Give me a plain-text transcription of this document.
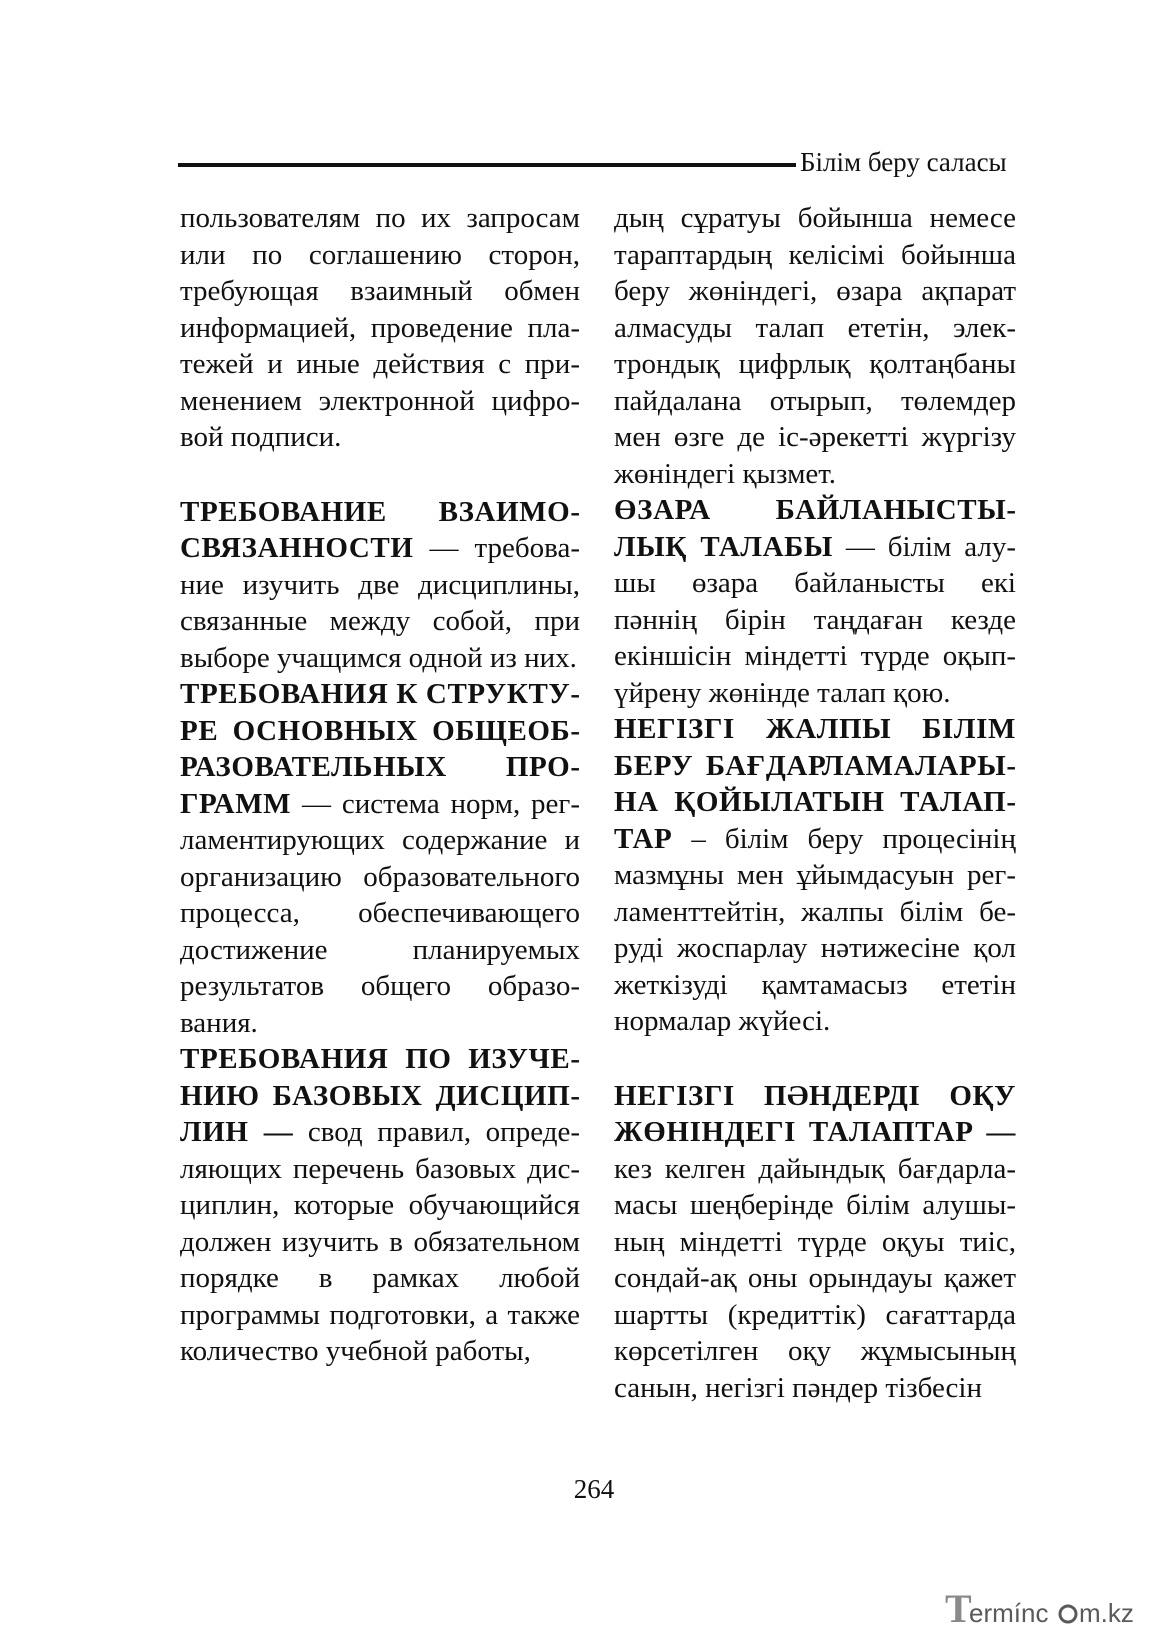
Білім беру саласы

пользователям по их запросам или по соглашению сторон, требующая взаимный обмен информацией, проведение платежей и иные действия с применением электронной цифровой подписи.

ТРЕБОВАНИЕ ВЗАИМОСВЯЗАННОСТИ — требование изучить две дисциплины, связанные между собой, при выборе учащимся одной из них.

ТРЕБОВАНИЯ К СТРУКТУРЕ ОСНОВНЫХ ОБЩЕОБРАЗОВАТЕЛЬНЫХ ПРОГРАММ — система норм, регламентирующих содержание и организацию образовательного процесса, обеспечивающего достижение планируемых результатов общего образования.

ТРЕБОВАНИЯ ПО ИЗУЧЕНИЮ БАЗОВЫХ ДИСЦИПЛИН — свод правил, определяющих перечень базовых дисциплин, которые обучающийся должен изучить в обязательном порядке в рамках любой программы подготовки, а также количество учебной работы,

дың сұратуы бойынша немесе тараптардың келісімі бойынша беру жөніндегі, өзара ақпарат алмасуды талап ететін, электрондық цифрлық қолтаңбаны пайдалана отырып, төлемдер мен өзге де іс-әрекетті жүргізу жөніндегі қызмет.

ӨЗАРА БАЙЛАНЫСТЫЛЫҚ ТАЛАБЫ — білім алушы өзара байланысты екі пәннің бірін таңдаған кезде екіншісін міндетті түрде оқып-үйрену жөнінде талап қою.

НЕГІЗГІ ЖАЛПЫ БІЛІМ БЕРУ БАҒДАРЛАМАЛАРЫНА ҚОЙЫЛАТЫН ТАЛАПТАР – білім беру процесінің мазмұны мен ұйымдасуын регламенттейтін, жалпы білім беруді жоспарлау нәтижесіне қол жеткізуді қамтамасыз ететін нормалар жүйесі.

НЕГІЗГІ ПӘНДЕРДІ ОҚУ ЖӨНІНДЕГІ ТАЛАПТАР — кез келген дайындық бағдарламасы шеңберінде білім алушының міндетті түрде оқуы тиіс, сондай-ақ оны орындауы қажет шартты (кредиттік) сағаттарда көрсетілген оқу жұмысының санын, негізгі пәндер тізбесін

264
T
ermínc m.kz
